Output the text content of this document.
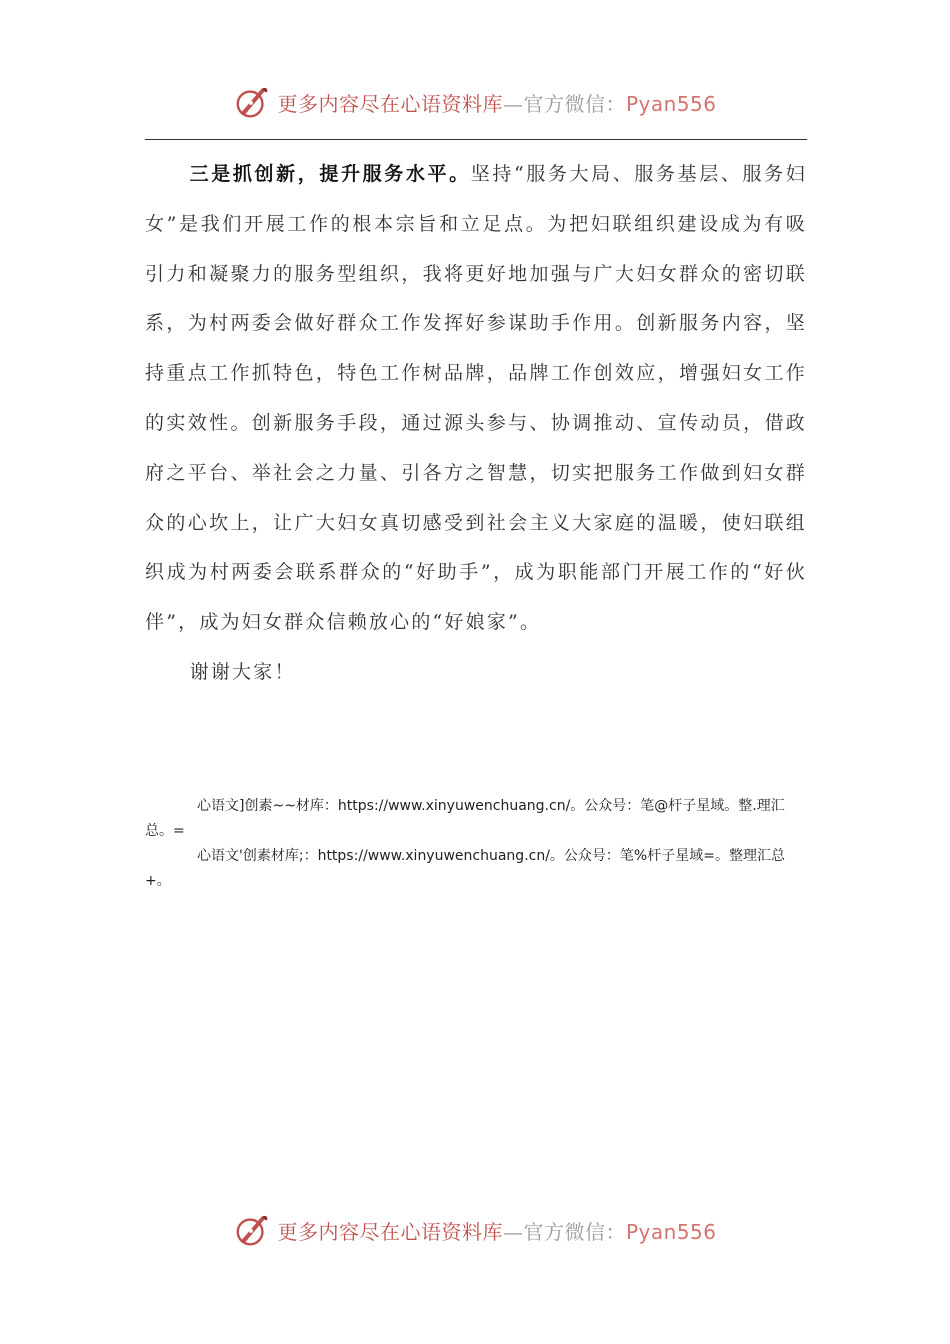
更多内容尽在心语资料库—官方微信：Pyan556

三是抓创新，提升服务水平。坚持“服务大局、服务基层、服务妇女”是我们开展工作的根本宗旨和立足点。为把妇联组织建设成为有吸引力和凝聚力的服务型组织，我将更好地加强与广大妇女群众的密切联系，为村两委会做好群众工作发挥好参谋助手作用。创新服务内容，坚持重点工作抓特色，特色工作树品牌，品牌工作创效应，增强妇女工作的实效性。创新服务手段，通过源头参与、协调推动、宣传动员，借政府之平台、举社会之力量、引各方之智慧，切实把服务工作做到妇女群众的心坎上，让广大妇女真切感受到社会主义大家庭的温暖，使妇联组织成为村两委会联系群众的“好助手”，成为职能部门开展工作的“好伙伴”，成为妇女群众信赖放心的“好娘家”。

谢谢大家！

心语文]创素~~材库：https://www.xinyuwenchuang.cn/。公众号：笔@杆子星域。整.理汇总。=

心语文'创素材库;：https://www.xinyuwenchuang.cn/。公众号：笔%杆子星域=。整理汇总+。

更多内容尽在心语资料库—官方微信：Pyan556
